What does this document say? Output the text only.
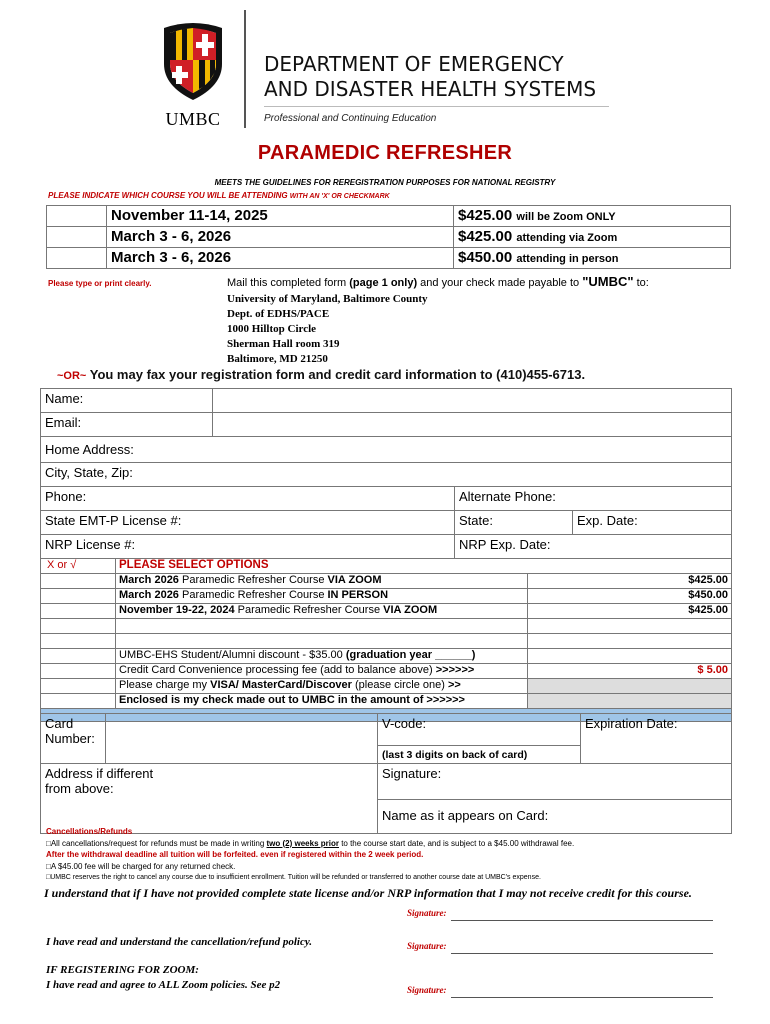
UMBC
DEPARTMENT OF EMERGENCY
AND DISASTER HEALTH SYSTEMS
Professional and Continuing Education
PARAMEDIC REFRESHER
MEETS THE GUIDELINES FOR REREGISTRATION PURPOSES FOR NATIONAL REGISTRY
PLEASE INDICATE WHICH COURSE YOU WILL BE ATTENDING WITH AN 'X' OR CHECKMARK
	November 11-14, 2025	$425.00 will be Zoom ONLY
	March 3 - 6, 2026	$425.00 attending via Zoom
	March 3 - 6, 2026	$450.00 attending in person
Please type or print clearly.	Mail this completed form (page 1 only) and your check made payable to "UMBC" to:
University of Maryland, Baltimore County
Dept. of EDHS/PACE
1000 Hilltop Circle
Sherman Hall room 319
Baltimore, MD 21250
~OR~ You may fax your registration form and credit card information to (410)455-6713.
Name:			
Email:			
Home Address:			
City, State, Zip:			
Phone:		Alternate Phone:	
State EMT-P License #:		State:	Exp. Date:
NRP License #:		NRP Exp. Date:	
X or √	PLEASE SELECT OPTIONS	
	March 2026 Paramedic Refresher Course VIA ZOOM	$425.00
	March 2026 Paramedic Refresher Course IN PERSON	$450.00
	November 19-22, 2024 Paramedic Refresher Course VIA ZOOM	$425.00

	UMBC-EHS Student/Alumni discount - $35.00 (graduation year ______)	
	Credit Card Convenience processing fee (add to balance above) >>>>>>	$ 5.00
	Please charge my VISA/ MasterCard/Discover (please circle one) >>	
	Enclosed is my check made out to UMBC in the amount of >>>>>>	

Card
Number:		V-code:	Expiration Date:
		(last 3 digits on back of card)	
Address if different
from above:		Signature:	
		Name as it appears on Card:	
Cancellations/Refunds
□All cancellations/request for refunds must be made in writing two (2) weeks prior to the course start date, and is subject to a $45.00 withdrawal fee.
After the withdrawal deadline all tuition will be forfeited. even if registered within the 2 week period.
□A $45.00 fee will be charged for any returned check.
□UMBC reserves the right to cancel any course due to insufficient enrollment. Tuition will be refunded or transferred to another course date at UMBC's expense.
I understand that if I have not provided complete state license and/or NRP information that I may not receive credit for this course.
Signature:
I have read and understand the cancellation/refund policy.	Signature:
IF REGISTERING FOR ZOOM:
I have read and agree to ALL Zoom policies. See p2	Signature:
